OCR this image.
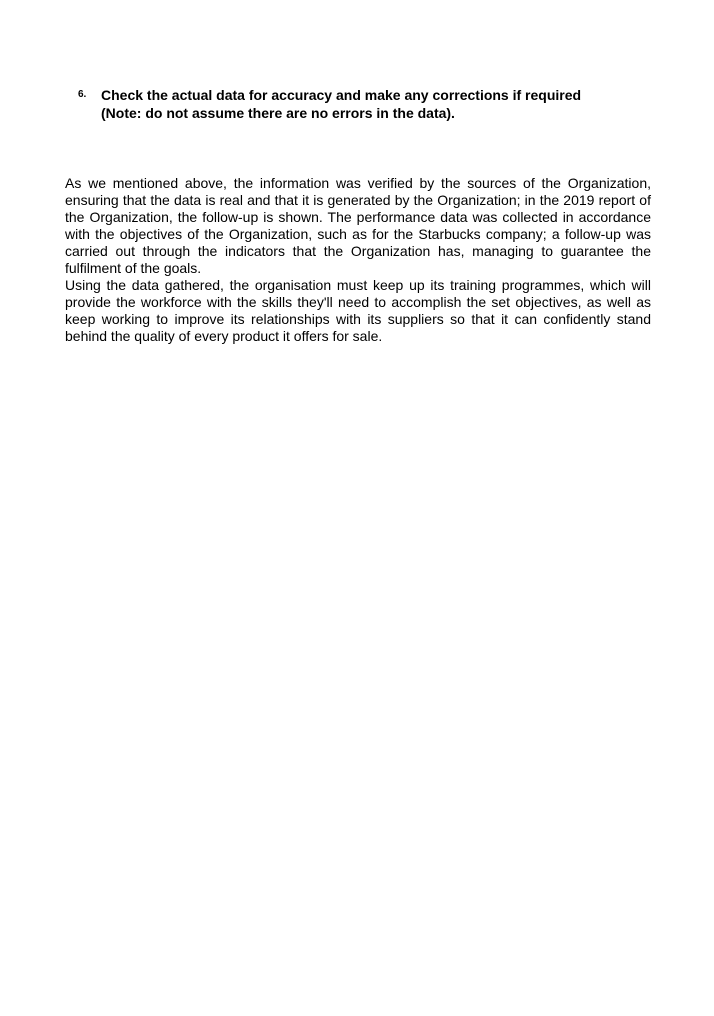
6. Check the actual data for accuracy and make any corrections if required
(Note: do not assume there are no errors in the data).

As we mentioned above, the information was verified by the sources of the Organization, ensuring that the data is real and that it is generated by the Organization; in the 2019 report of the Organization, the follow-up is shown. The performance data was collected in accordance with the objectives of the Organization, such as for the Starbucks company; a follow-up was carried out through the indicators that the Organization has, managing to guarantee the fulfilment of the goals.

Using the data gathered, the organisation must keep up its training programmes, which will provide the workforce with the skills they'll need to accomplish the set objectives, as well as keep working to improve its relationships with its suppliers so that it can confidently stand behind the quality of every product it offers for sale.
